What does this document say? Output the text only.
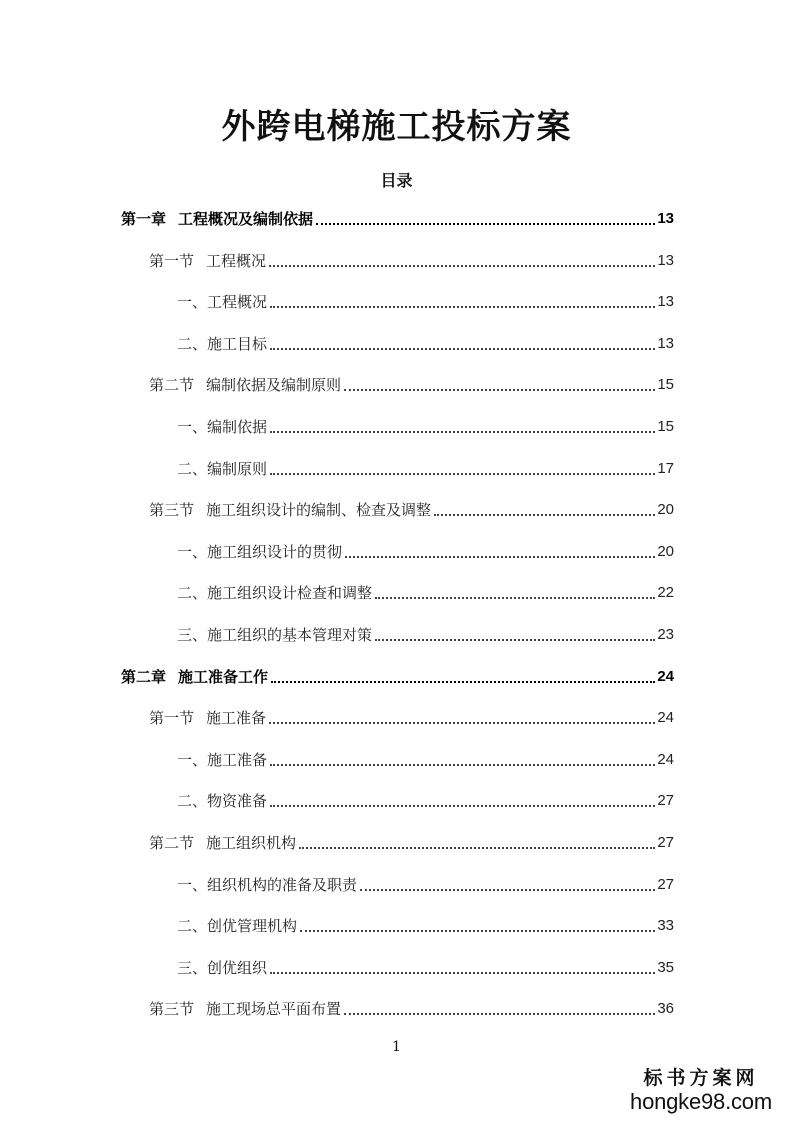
外跨电梯施工投标方案
目录
第一章 工程概况及编制依据	13
第一节 工程概况	13
一、工程概况	13
二、施工目标	13
第二节 编制依据及编制原则	15
一、编制依据	15
二、编制原则	17
第三节 施工组织设计的编制、检查及调整	20
一、施工组织设计的贯彻	20
二、施工组织设计检查和调整	22
三、施工组织的基本管理对策	23
第二章 施工准备工作	24
第一节 施工准备	24
一、施工准备	24
二、物资准备	27
第二节 施工组织机构	27
一、组织机构的准备及职责	27
二、创优管理机构	33
三、创优组织	35
第三节 施工现场总平面布置	36
1
标书方案网
hongke98.com
